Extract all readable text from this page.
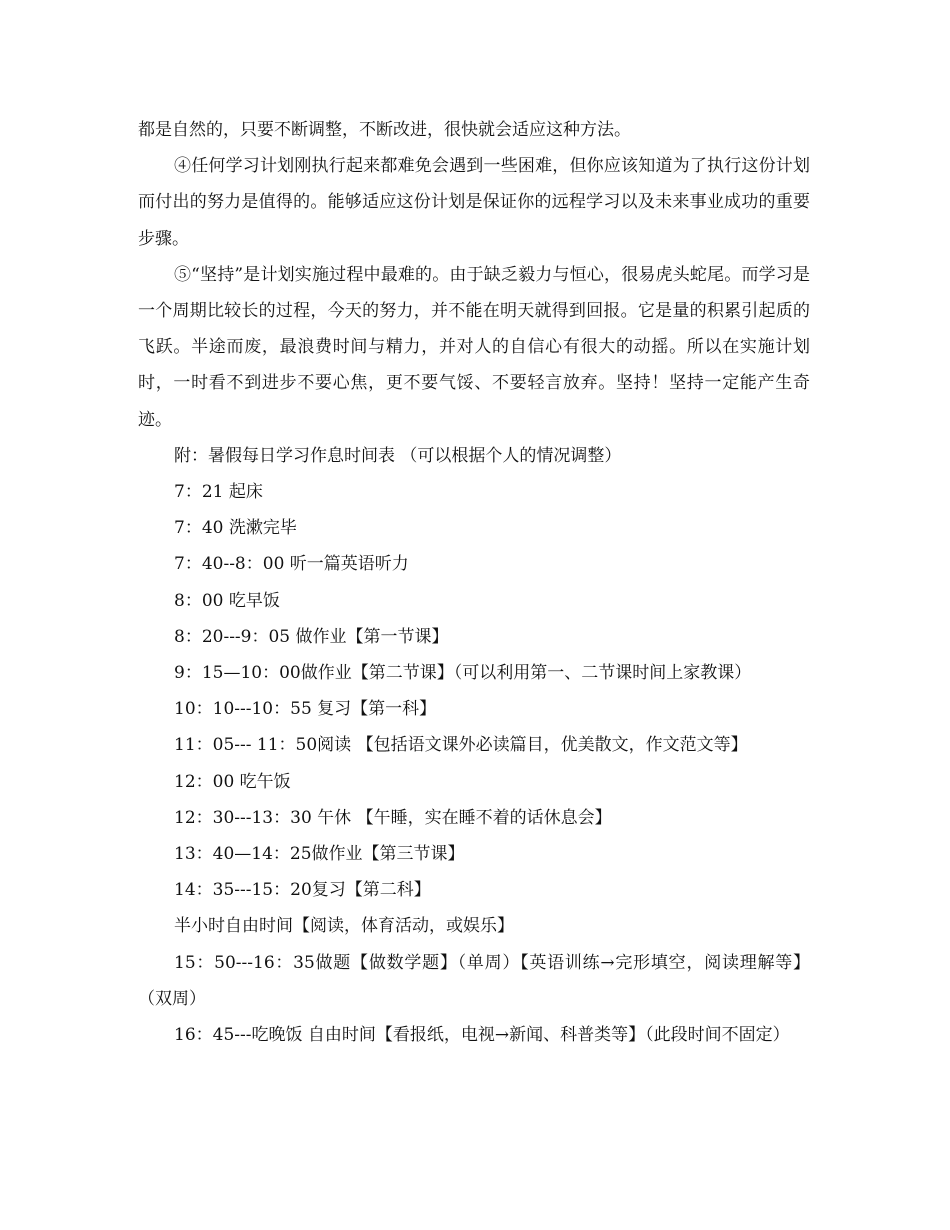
都是自然的，只要不断调整，不断改进，很快就会适应这种方法。

④任何学习计划刚执行起来都难免会遇到一些困难，但你应该知道为了执行这份计划而付出的努力是值得的。能够适应这份计划是保证你的远程学习以及未来事业成功的重要步骤。

⑤“坚持”是计划实施过程中最难的。由于缺乏毅力与恒心，很易虎头蛇尾。而学习是一个周期比较长的过程，今天的努力，并不能在明天就得到回报。它是量的积累引起质的飞跃。半途而废，最浪费时间与精力，并对人的自信心有很大的动摇。所以在实施计划时，一时看不到进步不要心焦，更不要气馁、不要轻言放弃。坚持！坚持一定能产生奇迹。

附：暑假每日学习作息时间表 （可以根据个人的情况调整）

7：21 起床

7：40 洗漱完毕

7：40--8：00 听一篇英语听力

8：00 吃早饭

8：20---9：05 做作业【第一节课】

9：15—10：00做作业【第二节课】（可以利用第一、二节课时间上家教课）

10：10---10：55 复习【第一科】

11：05--- 11：50阅读 【包括语文课外必读篇目，优美散文，作文范文等】

12：00 吃午饭

12：30---13：30 午休 【午睡，实在睡不着的话休息会】

13：40—14：25做作业【第三节课】

14：35---15：20复习【第二科】

半小时自由时间【阅读，体育活动，或娱乐】

15：50---16：35做题【做数学题】（单周）【英语训练→完形填空，阅读理解等】（双周）

16：45---吃晚饭 自由时间【看报纸，电视→新闻、科普类等】（此段时间不固定）
